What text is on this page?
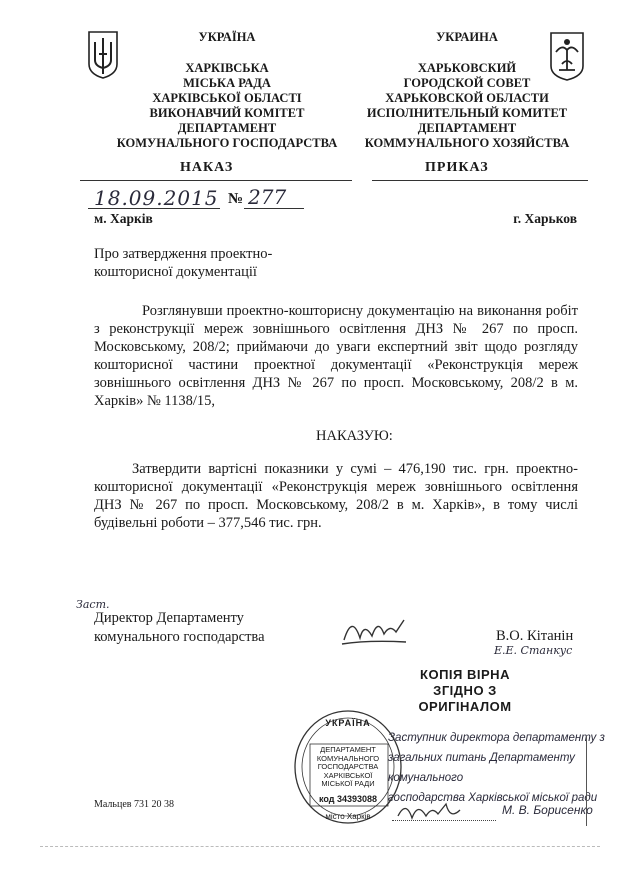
УКРАЇНА
ХАРКІВСЬКА
МІСЬКА РАДА
ХАРКІВСЬКОЇ ОБЛАСТІ
ВИКОНАВЧИЙ КОМІТЕТ
ДЕПАРТАМЕНТ
КОМУНАЛЬНОГО ГОСПОДАРСТВА
НАКАЗ
УКРАИНА
ХАРЬКОВСКИЙ
ГОРОДСКОЙ СОВЕТ
ХАРЬКОВСКОЙ ОБЛАСТИ
ИСПОЛНИТЕЛЬНЫЙ КОМИТЕТ
ДЕПАРТАМЕНТ
КОММУНАЛЬНОГО ХОЗЯЙСТВА
ПРИКАЗ
18.09.2015 № 277
м. Харків	г. Харьков
Про затвердження проектно-
кошторисної документації
Розглянувши проектно-кошторисну документацію на виконання робіт з реконструкції мереж зовнішнього освітлення ДНЗ № 267 по просп. Московському, 208/2; приймаючи до уваги експертний звіт щодо розгляду кошторисної частини проектної документації «Реконструкція мереж зовнішнього освітлення ДНЗ № 267 по просп. Московському, 208/2 в м. Харків» № 1138/15,
НАКАЗУЮ:
Затвердити вартісні показники у сумі – 476,190 тис. грн. проектно-кошторисної документації «Реконструкція мереж зовнішнього освітлення ДНЗ № 267 по просп. Московському, 208/2 в м. Харків», в тому числі будівельні роботи – 377,546 тис. грн.
Заст.
Директор Департаменту
комунального господарства	В.О. Кітанін
Е.Е. Станкус
КОПІЯ ВІРНА
ЗГІДНО З
ОРИГІНАЛОМ
Заступник директора департаменту з
загальних питань Департаменту комунального
господарства Харківської міської ради
М. В. Борисенко
УКРАЇНА
ДЕПАРТАМЕНТ
КОМУНАЛЬНОГО
ГОСПОДАРСТВА
ХАРКІВСЬКОЇ
МІСЬКОЇ РАДИ
код 34393088
місто Харків
Мальцев 731 20 38
